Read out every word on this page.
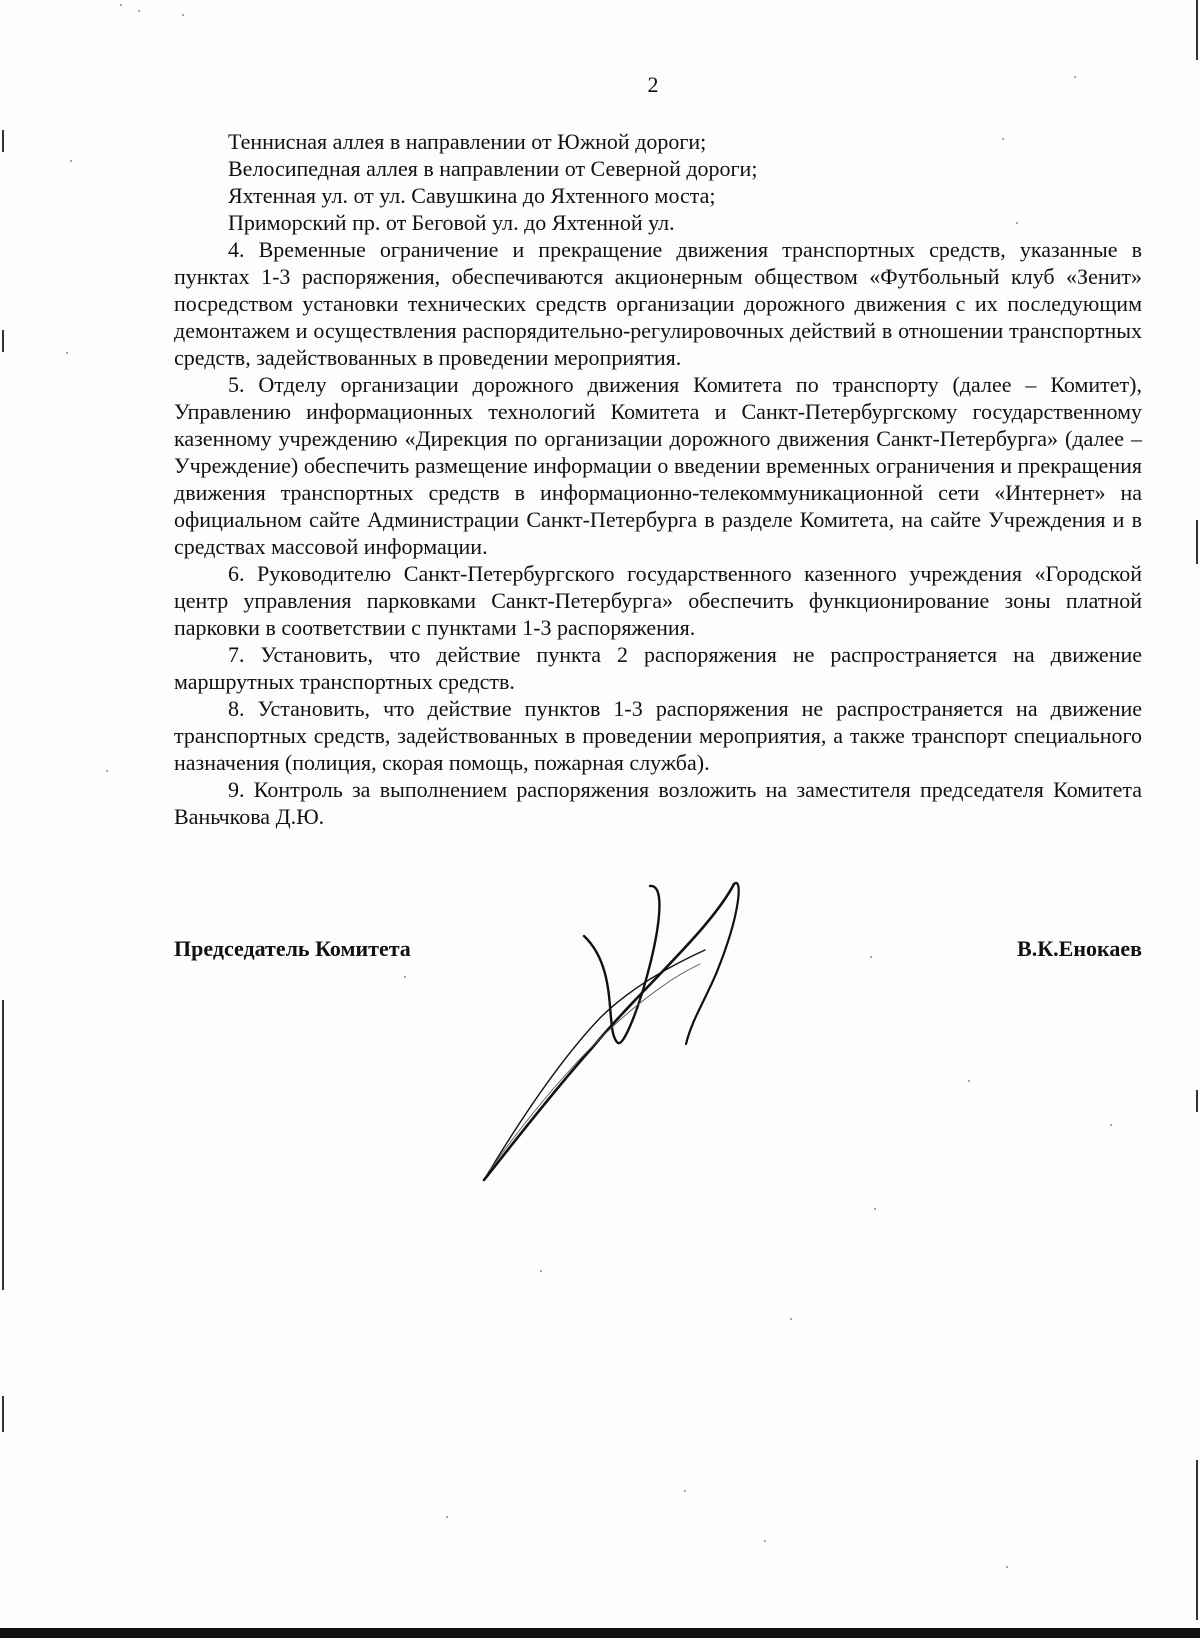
2

Теннисная аллея в направлении от Южной дороги;

Велосипедная аллея в направлении от Северной дороги;

Яхтенная ул. от ул. Савушкина до Яхтенного моста;

Приморский пр. от Беговой ул. до Яхтенной ул.

4. Временные ограничение и прекращение движения транспортных средств, указанные в пунктах 1-3 распоряжения, обеспечиваются акционерным обществом «Футбольный клуб «Зенит» посредством установки технических средств организации дорожного движения с их последующим демонтажем и осуществления распорядительно-регулировочных действий в отношении транспортных средств, задействованных в проведении мероприятия.

5. Отделу организации дорожного движения Комитета по транспорту (далее – Комитет), Управлению информационных технологий Комитета и Санкт-Петербургскому государственному казенному учреждению «Дирекция по организации дорожного движения Санкт-Петербурга» (далее – Учреждение) обеспечить размещение информации о введении временных ограничения и прекращения движения транспортных средств в информационно-телекоммуникационной сети «Интернет» на официальном сайте Администрации Санкт-Петербурга в разделе Комитета, на сайте Учреждения и в средствах массовой информации.

6. Руководителю Санкт-Петербургского государственного казенного учреждения «Городской центр управления парковками Санкт-Петербурга» обеспечить функционирование зоны платной парковки в соответствии с пунктами 1-3 распоряжения.

7. Установить, что действие пункта 2 распоряжения не распространяется на движение маршрутных транспортных средств.

8. Установить, что действие пунктов 1-3 распоряжения не распространяется на движение транспортных средств, задействованных в проведении мероприятия, а также транспорт специального назначения (полиция, скорая помощь, пожарная служба).

9. Контроль за выполнением распоряжения возложить на заместителя председателя Комитета Ваньчкова Д.Ю.

Председатель Комитета	В.К.Енокаев
